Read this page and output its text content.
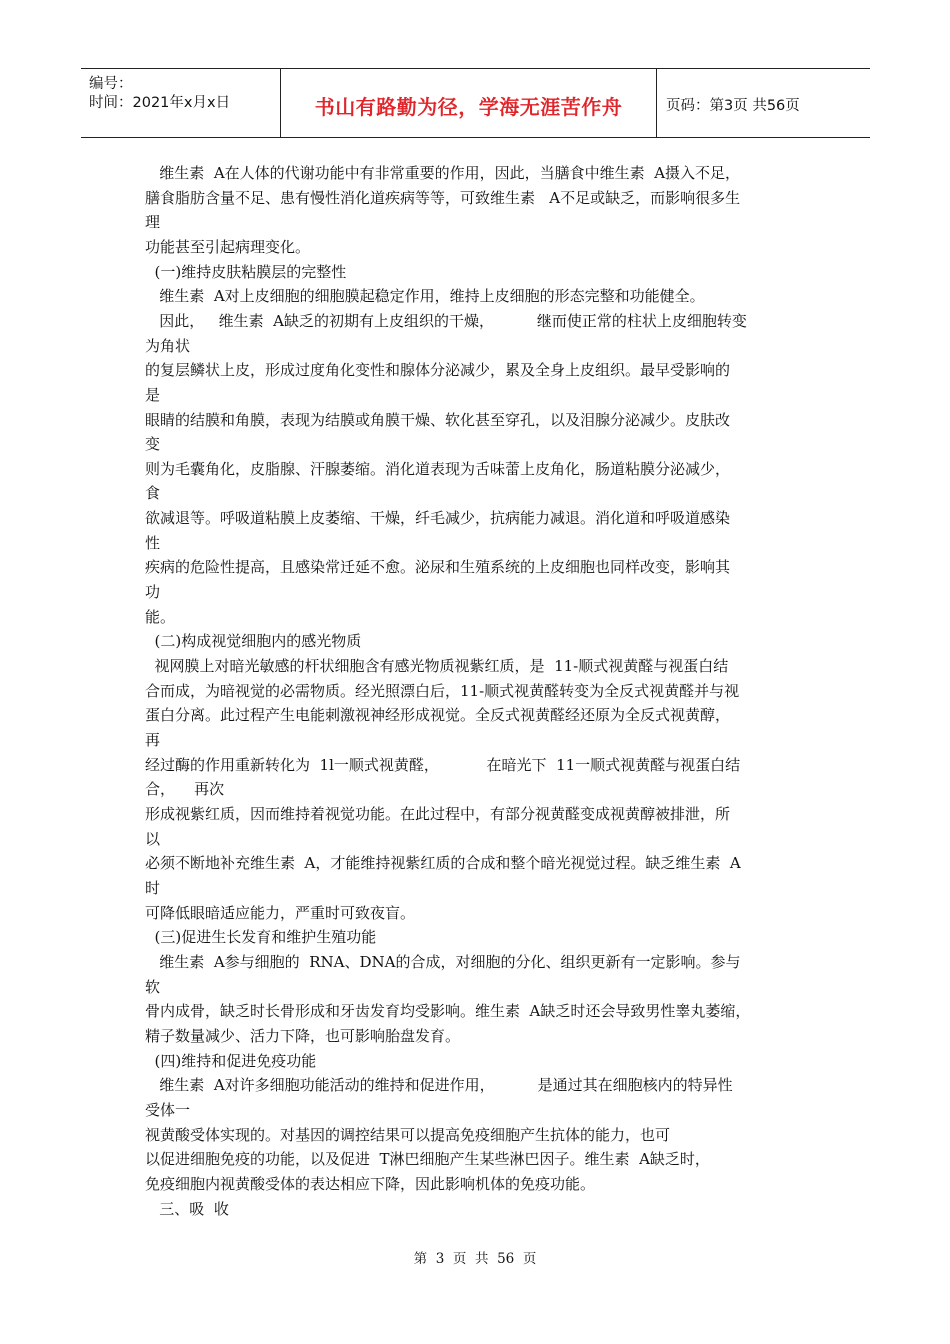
编号：
时间：2021年x月x日	书山有路勤为径，学海无涯苦作舟	页码：第3页 共56页
维生素  A在人体的代谢功能中有非常重要的作用，因此，当膳食中维生素  A摄入不足，
膳食脂肪含量不足、患有慢性消化道疾病等等，可致维生素   A不足或缺乏，而影响很多生
理
功能甚至引起病理变化。
(一)维持皮肤粘膜层的完整性
维生素  A对上皮细胞的细胞膜起稳定作用，维持上皮细胞的形态完整和功能健全。
因此，   维生素  A缺乏的初期有上皮组织的干燥，         继而使正常的柱状上皮细胞转变
为角状
的复层鳞状上皮，形成过度角化变性和腺体分泌减少，累及全身上皮组织。最早受影响的
是
眼睛的结膜和角膜，表现为结膜或角膜干燥、软化甚至穿孔，以及泪腺分泌减少。皮肤改
变
则为毛囊角化，皮脂腺、汗腺萎缩。消化道表现为舌味蕾上皮角化，肠道粘膜分泌减少，
食
欲减退等。呼吸道粘膜上皮萎缩、干燥，纤毛减少，抗病能力减退。消化道和呼吸道感染
性
疾病的危险性提高，且感染常迁延不愈。泌尿和生殖系统的上皮细胞也同样改变，影响其
功
能。
(二)构成视觉细胞内的感光物质
视网膜上对暗光敏感的杆状细胞含有感光物质视紫红质，是  11-顺式视黄醛与视蛋白结
合而成，为暗视觉的必需物质。经光照漂白后，11-顺式视黄醛转变为全反式视黄醛并与视
蛋白分离。此过程产生电能刺激视神经形成视觉。全反式视黄醛经还原为全反式视黄醇，
再
经过酶的作用重新转化为  1l一顺式视黄醛，          在暗光下  11一顺式视黄醛与视蛋白结
合，    再次
形成视紫红质，因而维持着视觉功能。在此过程中，有部分视黄醛变成视黄醇被排泄，所
以
必须不断地补充维生素  A，才能维持视紫红质的合成和整个暗光视觉过程。缺乏维生素  A
时
可降低眼暗适应能力，严重时可致夜盲。
(三)促进生长发育和维护生殖功能
维生素  A参与细胞的  RNA、DNA的合成，对细胞的分化、组织更新有一定影响。参与
软
骨内成骨，缺乏时长骨形成和牙齿发育均受影响。维生素  A缺乏时还会导致男性睾丸萎缩，
精子数量减少、活力下降，也可影响胎盘发育。
(四)维持和促进免疫功能
维生素  A对许多细胞功能活动的维持和促进作用，         是通过其在细胞核内的特异性
受体一
视黄酸受体实现的。对基因的调控结果可以提高免疫细胞产生抗体的能力，也可
以促进细胞免疫的功能，以及促进  T淋巴细胞产生某些淋巴因子。维生素  A缺乏时，
免疫细胞内视黄酸受体的表达相应下降，因此影响机体的免疫功能。
三、吸  收
第  3  页  共  56  页
